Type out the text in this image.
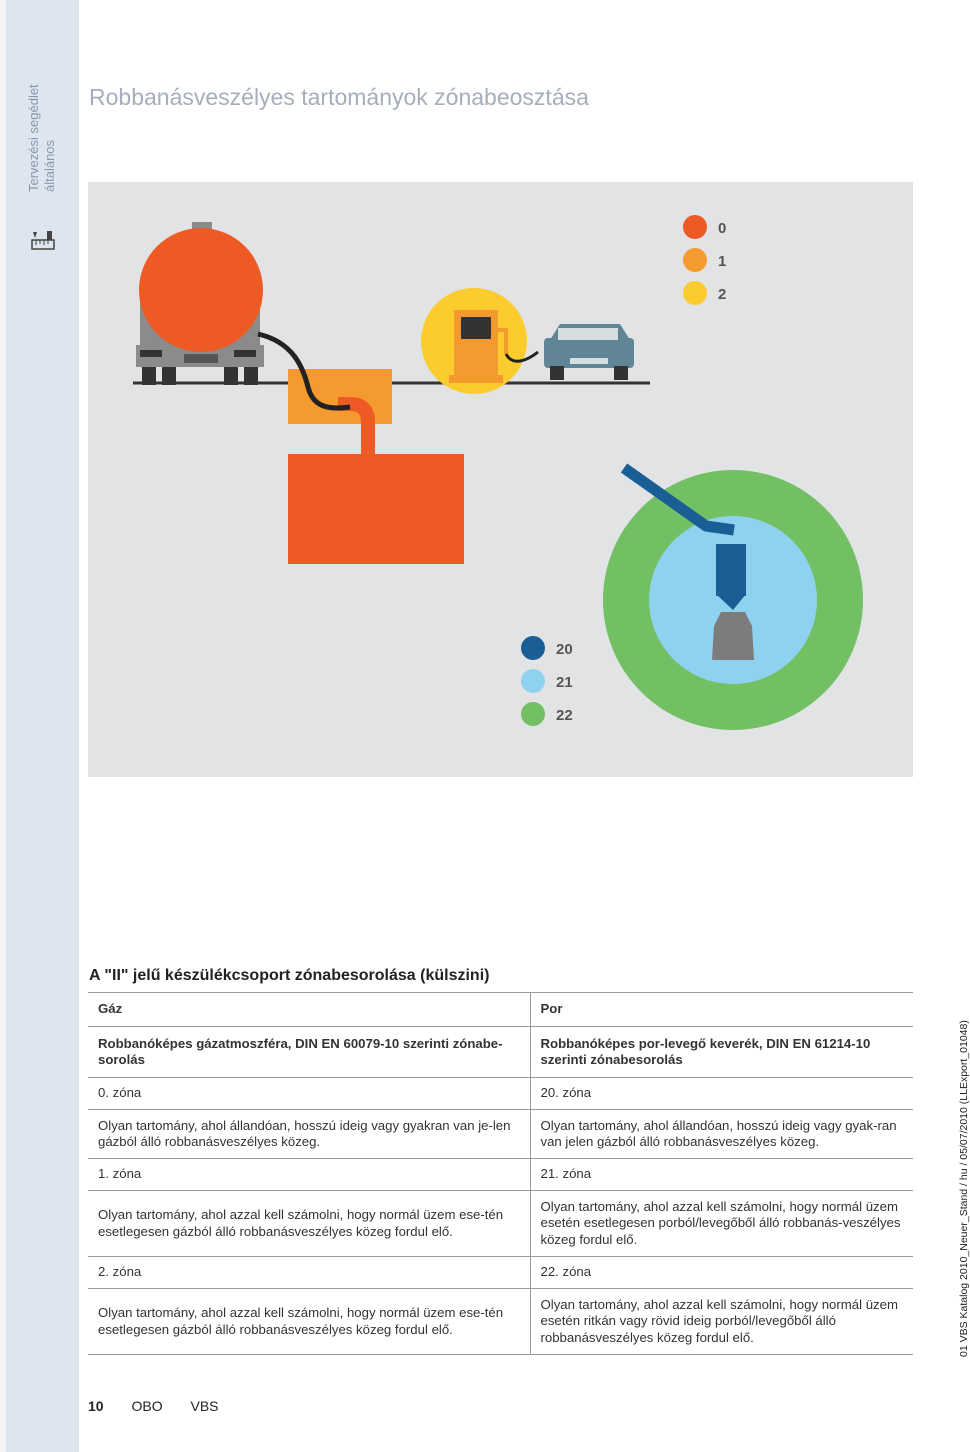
Tervezési segédlet általános
Robbanásveszélyes tartományok zónabeosztása
0
1
2
20
21
22
A "II" jelű készülékcsoport zónabesorolása (külszini)
Gáz	Por
Robbanóképes gázatmoszféra, DIN EN 60079-10 szerinti zónabe-sorolás	Robbanóképes por-levegő keverék, DIN EN 61214-10 szerinti zónabesorolás
0. zóna	20. zóna
Olyan tartomány, ahol állandóan, hosszú ideig vagy gyakran van je-len gázból álló robbanásveszélyes közeg.	Olyan tartomány, ahol állandóan, hosszú ideig vagy gyak-ran van jelen gázból álló robbanásveszélyes közeg.
1. zóna	21. zóna
Olyan tartomány, ahol azzal kell számolni, hogy normál üzem ese-tén esetlegesen gázból álló robbanásveszélyes közeg fordul elő.	Olyan tartomány, ahol azzal kell számolni, hogy normál üzem esetén esetlegesen porból/levegőből álló robbanás-veszélyes közeg fordul elő.
2. zóna	22. zóna
Olyan tartomány, ahol azzal kell számolni, hogy normál üzem ese-tén esetlegesen gázból álló robbanásveszélyes közeg fordul elő.	Olyan tartomány, ahol azzal kell számolni, hogy normál üzem esetén ritkán vagy rövid ideig porból/levegőből álló robbanásveszélyes közeg fordul elő.
10 OBO VBS
01 VBS Katalog 2010_Neuer_Stand / hu / 05/07/2010 (LLExport_01048)
